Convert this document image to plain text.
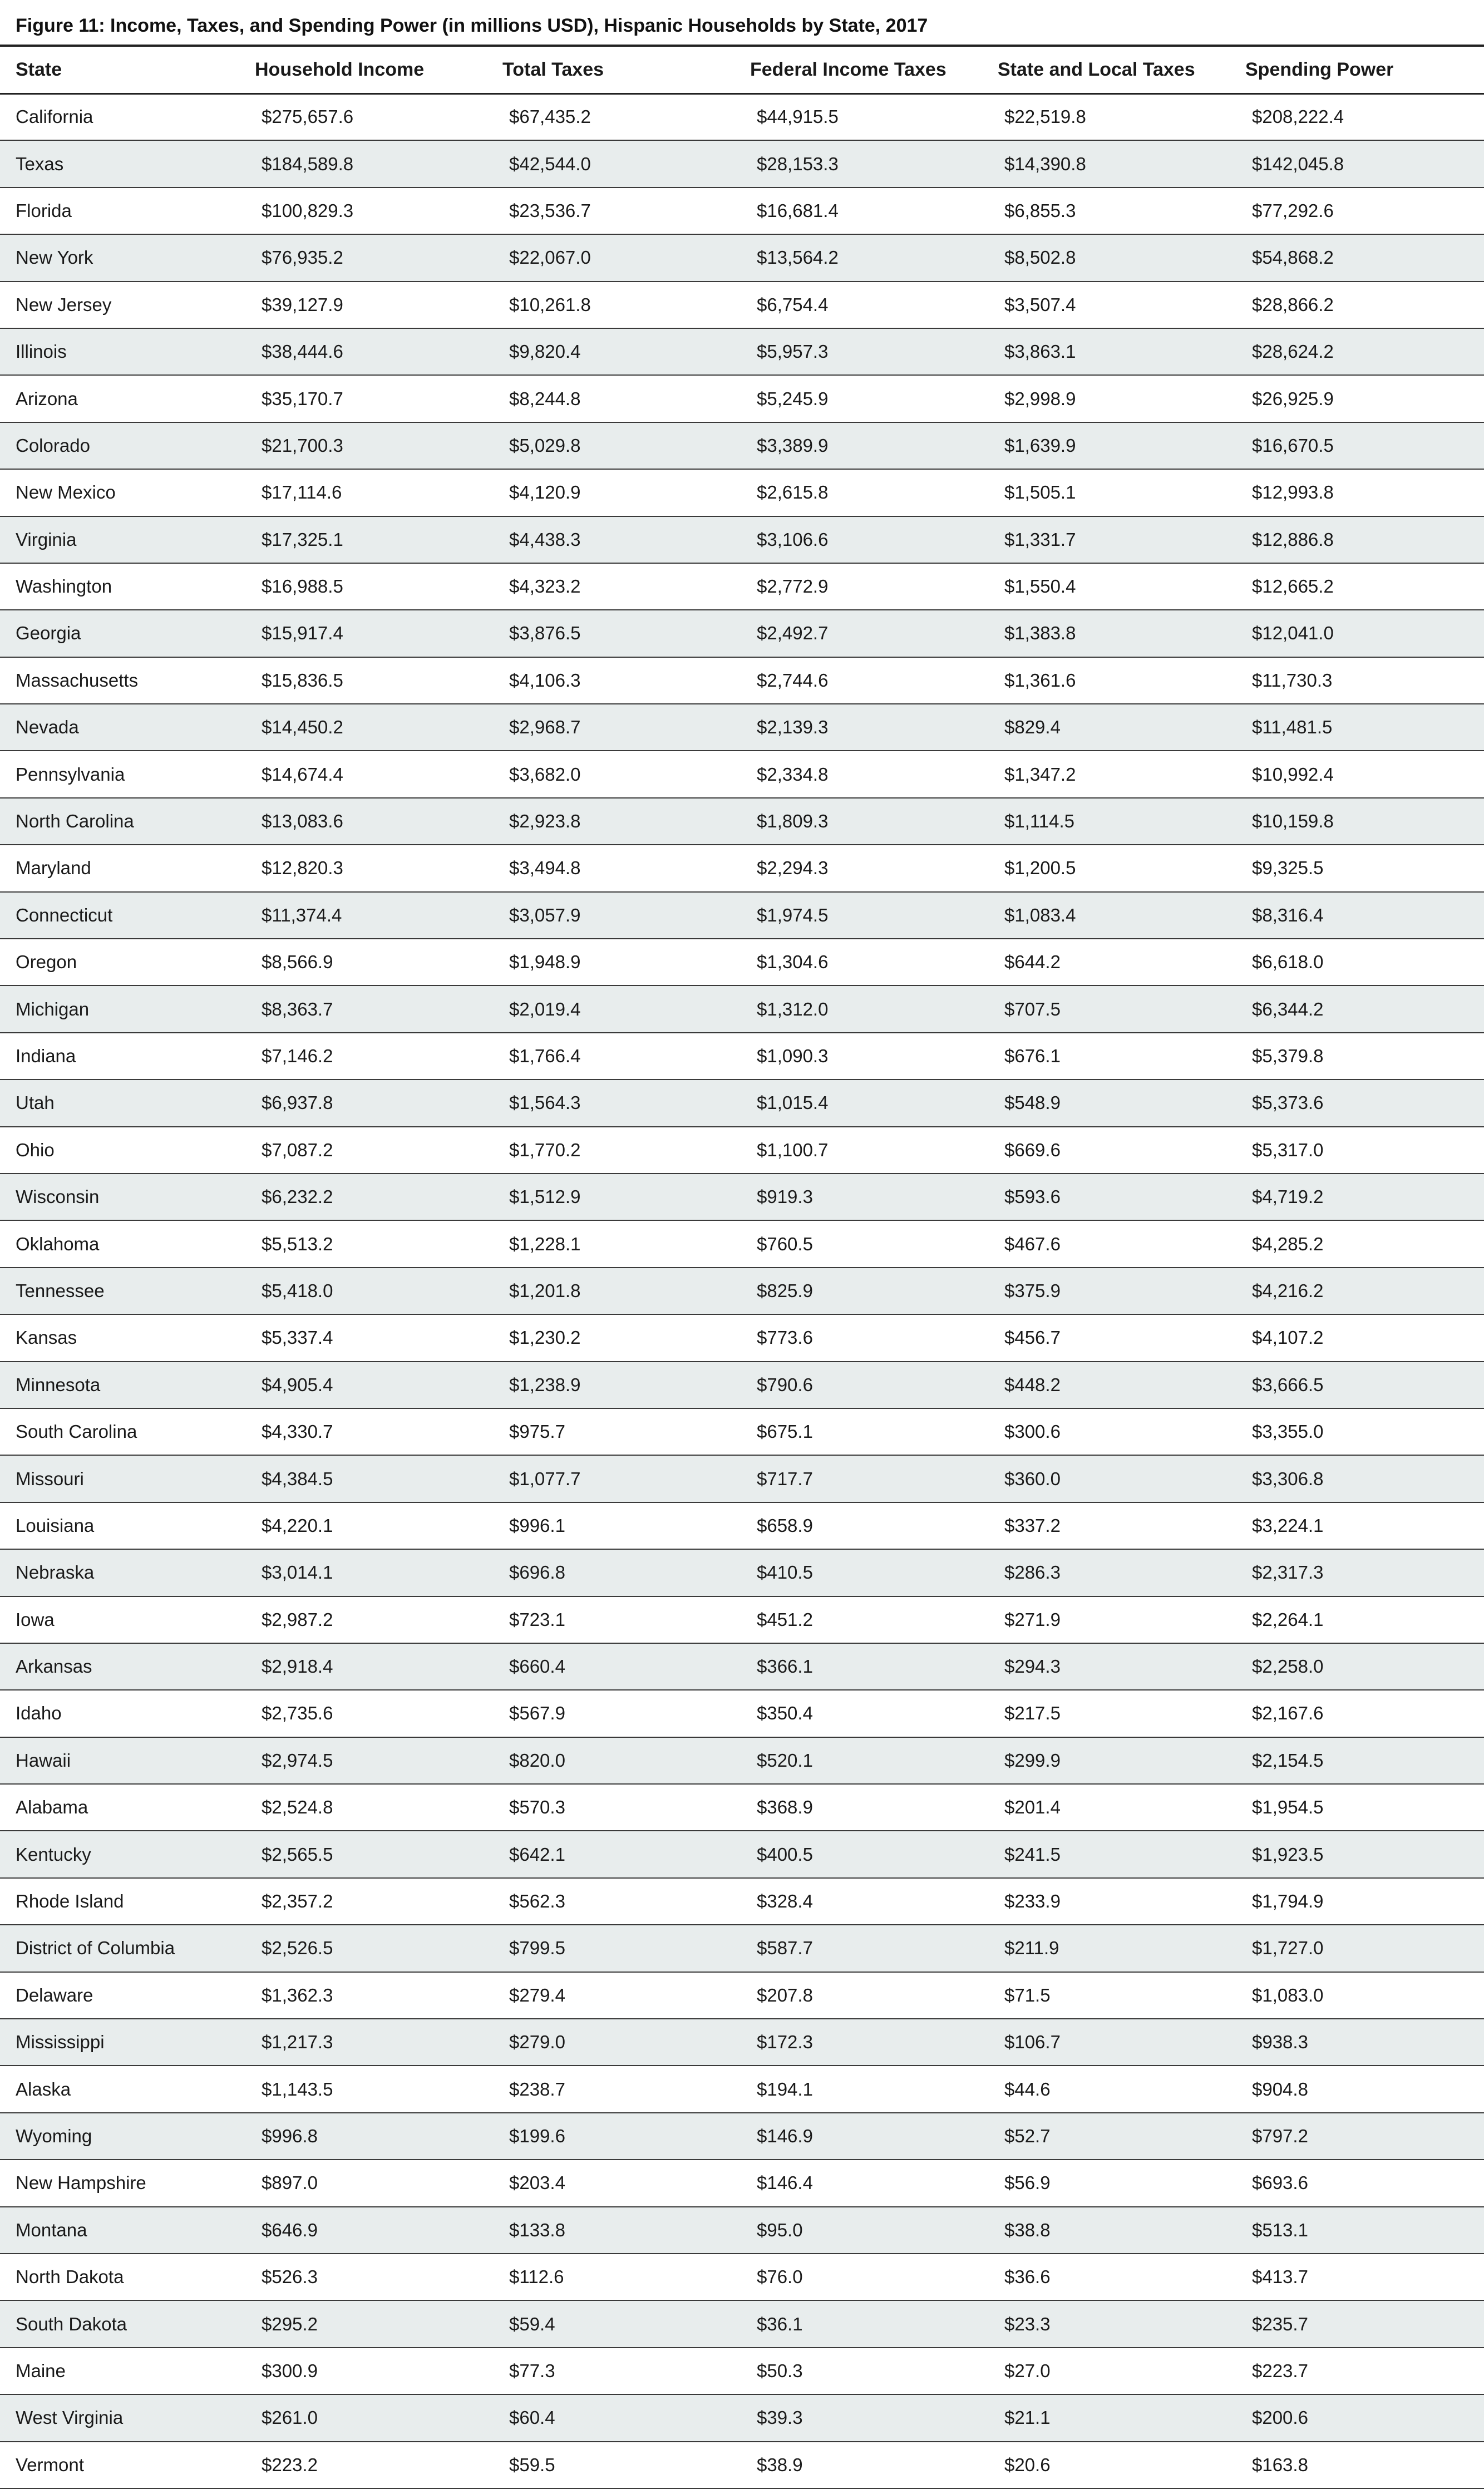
Figure 11: Income, Taxes, and Spending Power (in millions USD), Hispanic Households by State, 2017
State	Household Income	Total Taxes	Federal Income Taxes	State and Local Taxes	Spending Power
California	$275,657.6	$67,435.2	$44,915.5	$22,519.8	$208,222.4
Texas	$184,589.8	$42,544.0	$28,153.3	$14,390.8	$142,045.8
Florida	$100,829.3	$23,536.7	$16,681.4	$6,855.3	$77,292.6
New York	$76,935.2	$22,067.0	$13,564.2	$8,502.8	$54,868.2
New Jersey	$39,127.9	$10,261.8	$6,754.4	$3,507.4	$28,866.2
Illinois	$38,444.6	$9,820.4	$5,957.3	$3,863.1	$28,624.2
Arizona	$35,170.7	$8,244.8	$5,245.9	$2,998.9	$26,925.9
Colorado	$21,700.3	$5,029.8	$3,389.9	$1,639.9	$16,670.5
New Mexico	$17,114.6	$4,120.9	$2,615.8	$1,505.1	$12,993.8
Virginia	$17,325.1	$4,438.3	$3,106.6	$1,331.7	$12,886.8
Washington	$16,988.5	$4,323.2	$2,772.9	$1,550.4	$12,665.2
Georgia	$15,917.4	$3,876.5	$2,492.7	$1,383.8	$12,041.0
Massachusetts	$15,836.5	$4,106.3	$2,744.6	$1,361.6	$11,730.3
Nevada	$14,450.2	$2,968.7	$2,139.3	$829.4	$11,481.5
Pennsylvania	$14,674.4	$3,682.0	$2,334.8	$1,347.2	$10,992.4
North Carolina	$13,083.6	$2,923.8	$1,809.3	$1,114.5	$10,159.8
Maryland	$12,820.3	$3,494.8	$2,294.3	$1,200.5	$9,325.5
Connecticut	$11,374.4	$3,057.9	$1,974.5	$1,083.4	$8,316.4
Oregon	$8,566.9	$1,948.9	$1,304.6	$644.2	$6,618.0
Michigan	$8,363.7	$2,019.4	$1,312.0	$707.5	$6,344.2
Indiana	$7,146.2	$1,766.4	$1,090.3	$676.1	$5,379.8
Utah	$6,937.8	$1,564.3	$1,015.4	$548.9	$5,373.6
Ohio	$7,087.2	$1,770.2	$1,100.7	$669.6	$5,317.0
Wisconsin	$6,232.2	$1,512.9	$919.3	$593.6	$4,719.2
Oklahoma	$5,513.2	$1,228.1	$760.5	$467.6	$4,285.2
Tennessee	$5,418.0	$1,201.8	$825.9	$375.9	$4,216.2
Kansas	$5,337.4	$1,230.2	$773.6	$456.7	$4,107.2
Minnesota	$4,905.4	$1,238.9	$790.6	$448.2	$3,666.5
South Carolina	$4,330.7	$975.7	$675.1	$300.6	$3,355.0
Missouri	$4,384.5	$1,077.7	$717.7	$360.0	$3,306.8
Louisiana	$4,220.1	$996.1	$658.9	$337.2	$3,224.1
Nebraska	$3,014.1	$696.8	$410.5	$286.3	$2,317.3
Iowa	$2,987.2	$723.1	$451.2	$271.9	$2,264.1
Arkansas	$2,918.4	$660.4	$366.1	$294.3	$2,258.0
Idaho	$2,735.6	$567.9	$350.4	$217.5	$2,167.6
Hawaii	$2,974.5	$820.0	$520.1	$299.9	$2,154.5
Alabama	$2,524.8	$570.3	$368.9	$201.4	$1,954.5
Kentucky	$2,565.5	$642.1	$400.5	$241.5	$1,923.5
Rhode Island	$2,357.2	$562.3	$328.4	$233.9	$1,794.9
District of Columbia	$2,526.5	$799.5	$587.7	$211.9	$1,727.0
Delaware	$1,362.3	$279.4	$207.8	$71.5	$1,083.0
Mississippi	$1,217.3	$279.0	$172.3	$106.7	$938.3
Alaska	$1,143.5	$238.7	$194.1	$44.6	$904.8
Wyoming	$996.8	$199.6	$146.9	$52.7	$797.2
New Hampshire	$897.0	$203.4	$146.4	$56.9	$693.6
Montana	$646.9	$133.8	$95.0	$38.8	$513.1
North Dakota	$526.3	$112.6	$76.0	$36.6	$413.7
South Dakota	$295.2	$59.4	$36.1	$23.3	$235.7
Maine	$300.9	$77.3	$50.3	$27.0	$223.7
West Virginia	$261.0	$60.4	$39.3	$21.1	$200.6
Vermont	$223.2	$59.5	$38.9	$20.6	$163.8
